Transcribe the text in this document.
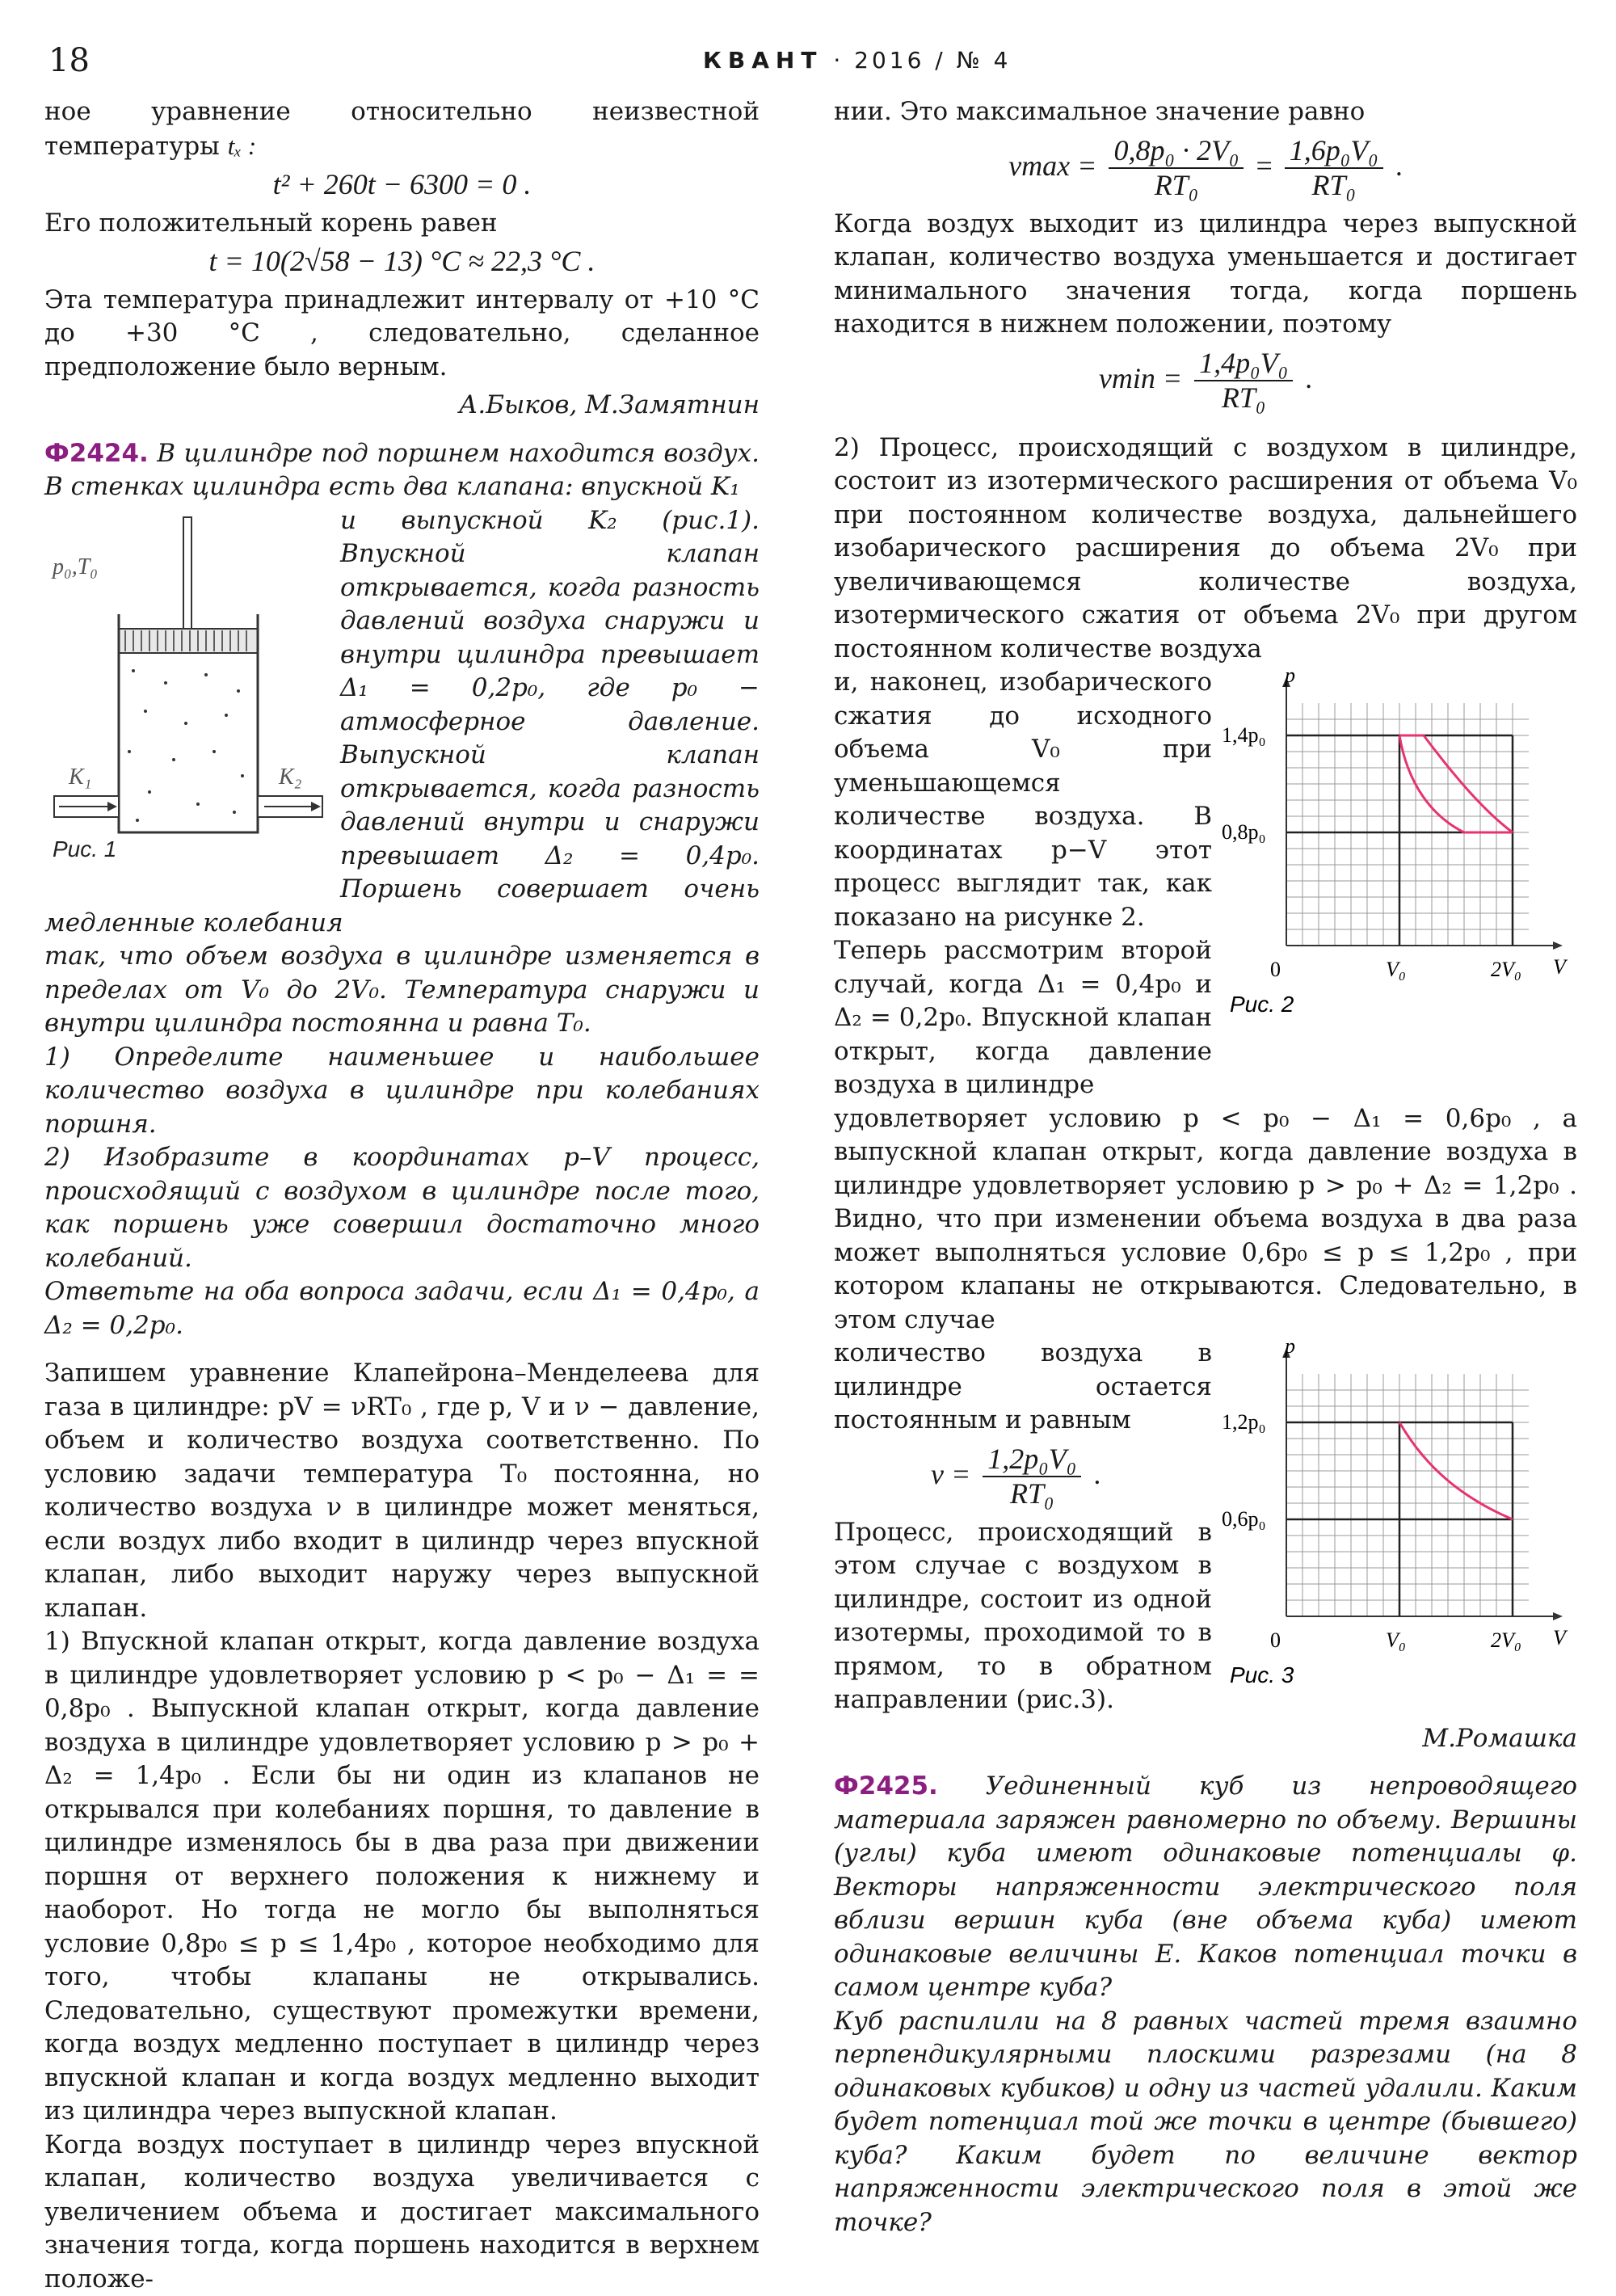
18	КВАНТ · 2016 / № 4

ное уравнение относительно неизвестной температуры tₓ :

t² + 260t − 6300 = 0 .

Его положительный корень равен

t = 10(2√58 − 13) °C ≈ 22,3 °C .

Эта температура принадлежит интервалу от +10 °C до +30 °C , следовательно, сделанное предположение было верным.

А.Быков, М.Замятнин

Ф2424. В цилиндре под поршнем находится воздух. В стенках цилиндра есть два клапана: впускной K₁

p₀,T₀
K₁	K₂
Рис. 1

и выпускной K₂ (рис.1). Впускной клапан открывается, когда разность давлений воздуха снаружи и внутри цилиндра превышает Δ₁ = 0,2p₀, где p₀ − атмосферное давление. Выпускной клапан открывается, когда разность давлений внутри и снаружи превышает Δ₂ = 0,4p₀. Поршень совершает очень медленные колебания

так, что объем воздуха в цилиндре изменяется в пределах от V₀ до 2V₀. Температура снаружи и внутри цилиндра постоянна и равна T₀.

1) Определите наименьшее и наибольшее количество воздуха в цилиндре при колебаниях поршня.

2) Изобразите в координатах p–V процесс, происходящий с воздухом в цилиндре после того, как поршень уже совершил достаточно много колебаний.

Ответьте на оба вопроса задачи, если Δ₁ = 0,4p₀, а Δ₂ = 0,2p₀.

Запишем уравнение Клапейрона–Менделеева для газа в цилиндре: pV = νRT₀ , где p, V и ν − давление, объем и количество воздуха соответственно. По условию задачи температура T₀ постоянна, но количество воздуха ν в цилиндре может меняться, если воздух либо входит в цилиндр через впускной клапан, либо выходит наружу через выпускной клапан.

1) Впускной клапан открыт, когда давление воздуха в цилиндре удовлетворяет условию p < p₀ − Δ₁ = = 0,8p₀ . Выпускной клапан открыт, когда давление воздуха в цилиндре удовлетворяет условию p > p₀ + Δ₂ = 1,4p₀ . Если бы ни один из клапанов не открывался при колебаниях поршня, то давление в цилиндре изменялось бы в два раза при движении поршня от верхнего положения к нижнему и наоборот. Но тогда не могло бы выполняться условие 0,8p₀ ≤ p ≤ 1,4p₀ , которое необходимо для того, чтобы клапаны не открывались. Следовательно, существуют промежутки времени, когда воздух медленно поступает в цилиндр через впускной клапан и когда воздух медленно выходит из цилиндра через выпускной клапан.

Когда воздух поступает в цилиндр через впускной клапан, количество воздуха увеличивается с увеличением объема и достигает максимального значения тогда, когда поршень находится в верхнем положе-

нии. Это максимальное значение равно

$\nu\max = \frac{\text{0,8p₀ · 2V₀}}{\text{RT₀}} = \frac{\text{1,6p₀V₀}}{\text{RT₀}}$ .

Когда воздух выходит из цилиндра через выпускной клапан, количество воздуха уменьшается и достигает минимального значения тогда, когда поршень находится в нижнем положении, поэтому

$\nu\min = \frac{\text{1,4p₀V₀}}{\text{RT₀}}$ .

2) Процесс, происходящий с воздухом в цилиндре, состоит из изотермического расширения от объема V₀ при постоянном количестве воздуха, дальнейшего изобарического расширения до объема 2V₀ при увеличивающемся количестве воздуха, изотермического сжатия от объема 2V₀ при другом постоянном количестве воздуха

p
V
0	V₀	2V₀
1,4p₀
0,8p₀
Рис. 2

и, наконец, изобарического сжатия до исходного объема V₀ при уменьшающемся количестве воздуха. В координатах p−V этот процесс выглядит так, как показано на рисунке 2.

Теперь рассмотрим второй случай, когда Δ₁ = 0,4p₀ и Δ₂ = 0,2p₀. Впускной клапан открыт, когда давление воздуха в цилиндре

удовлетворяет условию p < p₀ − Δ₁ = 0,6p₀ , а выпускной клапан открыт, когда давление воздуха в цилиндре удовлетворяет условию p > p₀ + Δ₂ = 1,2p₀ . Видно, что при изменении объема воздуха в два раза может выполняться условие 0,6p₀ ≤ p ≤ 1,2p₀ , при котором клапаны не открываются. Следовательно, в этом случае

p
V
0	V₀	2V₀
1,2p₀
0,6p₀
Рис. 3

количество воздуха в цилиндре остается постоянным и равным

$\nu = \frac{\text{1,2p₀V₀}}{\text{RT₀}}$ .

Процесс, происходящий в этом случае с воздухом в цилиндре, состоит из одной изотермы, проходимой то в прямом, то в обратном направлении (рис.3).

М.Ромашка

Ф2425. Уединенный куб из непроводящего материала заряжен равномерно по объему. Вершины (углы) куба имеют одинаковые потенциалы φ. Векторы напряженности электрического поля вблизи вершин куба (вне объема куба) имеют одинаковые величины E. Каков потенциал точки в самом центре куба?

Куб распилили на 8 равных частей тремя взаимно перпендикулярными плоскими разрезами (на 8 одинаковых кубиков) и одну из частей удалили. Каким будет потенциал той же точки в центре (бывшего) куба? Каким будет по величине вектор напряженности электрического поля в этой же точке?
